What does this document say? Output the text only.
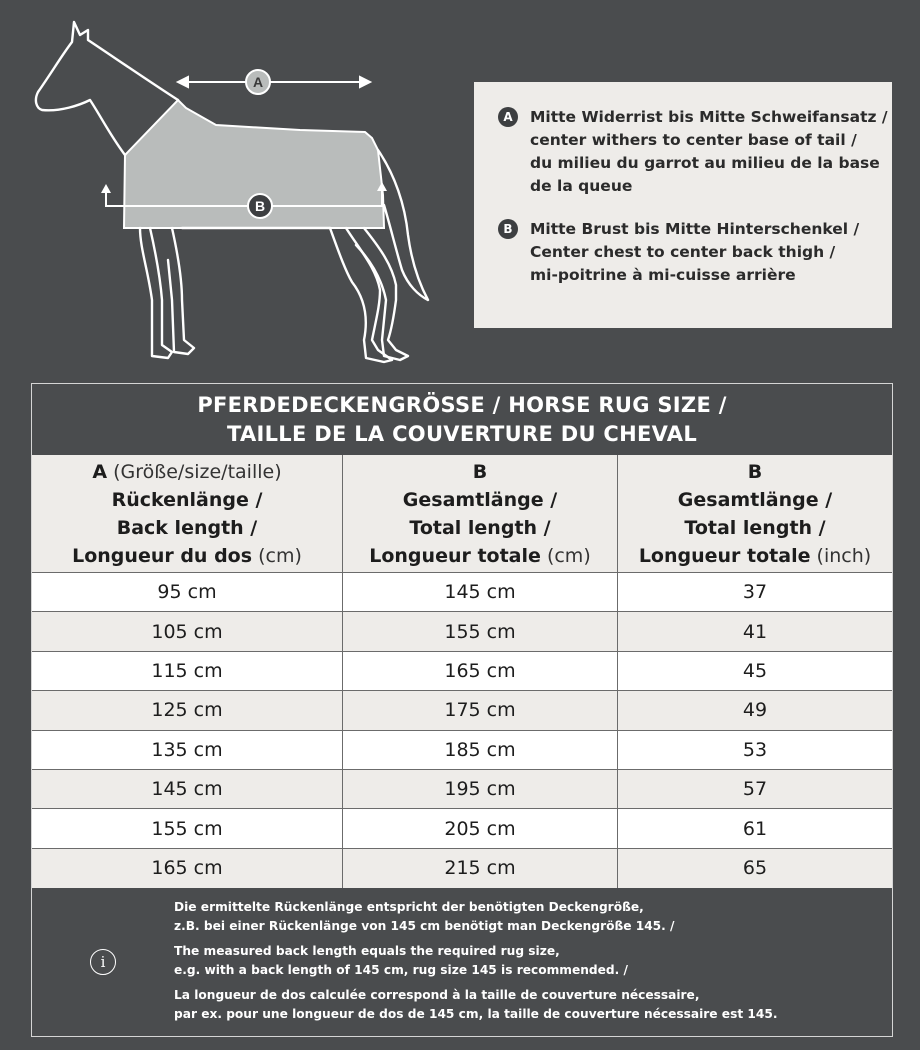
A
B
A	Mitte Widerrist bis Mitte Schweifansatz /
center withers to center base of tail /
du milieu du garrot au milieu de la base
de la queue
B	Mitte Brust bis Mitte Hinterschenkel /
Center chest to center back thigh /
mi-poitrine à mi-cuisse arrière
PFERDEDECKENGRÖSSE / HORSE RUG SIZE /
TAILLE DE LA COUVERTURE DU CHEVAL
A (Größe/size/taille)
Rückenlänge /
Back length /
Longueur du dos (cm)
B
Gesamtlänge /
Total length /
Longueur totale (cm)
B
Gesamtlänge /
Total length /
Longueur totale (inch)
95 cm	145 cm	37
105 cm	155 cm	41
115 cm	165 cm	45
125 cm	175 cm	49
135 cm	185 cm	53
145 cm	195 cm	57
155 cm	205 cm	61
165 cm	215 cm	65
i
Die ermittelte Rückenlänge entspricht der benötigten Deckengröße,
z.B. bei einer Rückenlänge von 145 cm benötigt man Deckengröße 145. /
The measured back length equals the required rug size,
e.g. with a back length of 145 cm, rug size 145 is recommended. /
La longueur de dos calculée correspond à la taille de couverture nécessaire,
par ex. pour une longueur de dos de 145 cm, la taille de couverture nécessaire est 145.
